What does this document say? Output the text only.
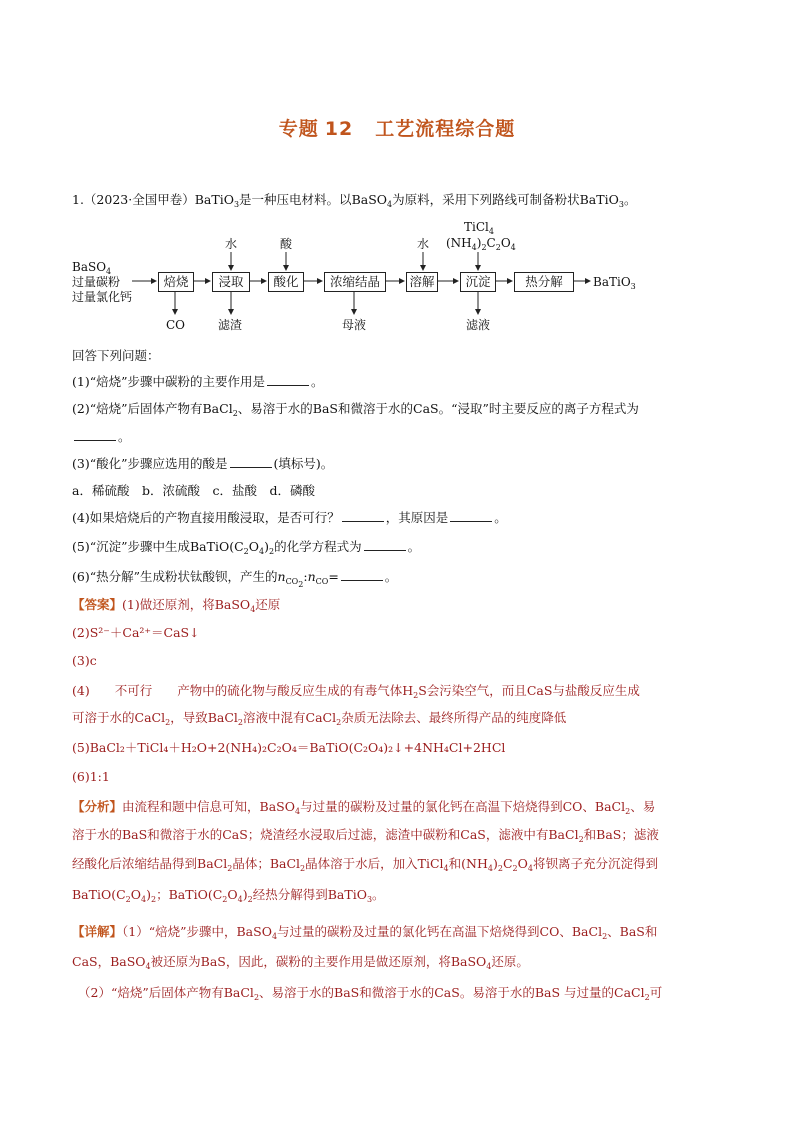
专题 12 工艺流程综合题
1.（2023·全国甲卷）BaTiO$_3$是一种压电材料。以BaSO$_4$为原料，采用下列路线可制备粉状BaTiO$_3$。
BaSO$_4$
过量碳粉
过量氯化钙
焙烧	浸取	酸化	浓缩结晶	溶解	沉淀	热分解
水	酸	水
TiCl$_4$
$(NH_4)_2C_2O_4$
CO	滤渣	母液	滤液
BaTiO$_3$
回答下列问题：
(1)“焙烧”步骤中碳粉的主要作用是	。
(2)“焙烧”后固体产物有BaCl$_2$、易溶于水的BaS和微溶于水的CaS。“浸取”时主要反应的离子方程式为
。
(3)“酸化”步骤应选用的酸是	(填标号)。
a．稀硫酸　b．浓硫酸　c．盐酸　d．磷酸
(4)如果焙烧后的产物直接用酸浸取，是否可行？	，其原因是	。
(5)“沉淀”步骤中生成$BaTiO(C_2O_4)_2$的化学方程式为	。
(6)“热分解”生成粉状钛酸钡，产生的$n_{CO_2}:n_{CO}=$	。
【答案】(1)做还原剂，将BaSO$_4$还原
(2)S²⁻＋Ca²⁺＝CaS↓
(3)c
(4)　　不可行　　产物中的硫化物与酸反应生成的有毒气体$H_2S$会污染空气，而且CaS与盐酸反应生成
可溶于水的CaCl$_2$，导致BaCl$_2$溶液中混有CaCl$_2$杂质无法除去、最终所得产品的纯度降低
(5)BaCl₂＋TiCl₄＋H₂O+2(NH₄)₂C₂O₄＝BaTiO(C₂O₄)₂↓+4NH₄Cl+2HCl
(6)1:1
【分析】由流程和题中信息可知，BaSO$_4$与过量的碳粉及过量的氯化钙在高温下焙烧得到CO、BaCl$_2$、易
溶于水的BaS和微溶于水的CaS；烧渣经水浸取后过滤，滤渣中碳粉和CaS，滤液中有BaCl$_2$和BaS；滤液
经酸化后浓缩结晶得到BaCl$_2$晶体；BaCl$_2$晶体溶于水后，加入TiCl$_4$和$(NH_4)_2C_2O_4$将钡离子充分沉淀得到
$BaTiO(C_2O_4)_2$；$BaTiO(C_2O_4)_2$经热分解得到BaTiO$_3$。
【详解】（1）“焙烧”步骤中，BaSO$_4$与过量的碳粉及过量的氯化钙在高温下焙烧得到CO、BaCl$_2$、BaS和
CaS，BaSO$_4$被还原为BaS，因此，碳粉的主要作用是做还原剂，将BaSO$_4$还原。
（2）“焙烧”后固体产物有BaCl$_2$、易溶于水的BaS和微溶于水的CaS。易溶于水的BaS 与过量的CaCl$_2$可
